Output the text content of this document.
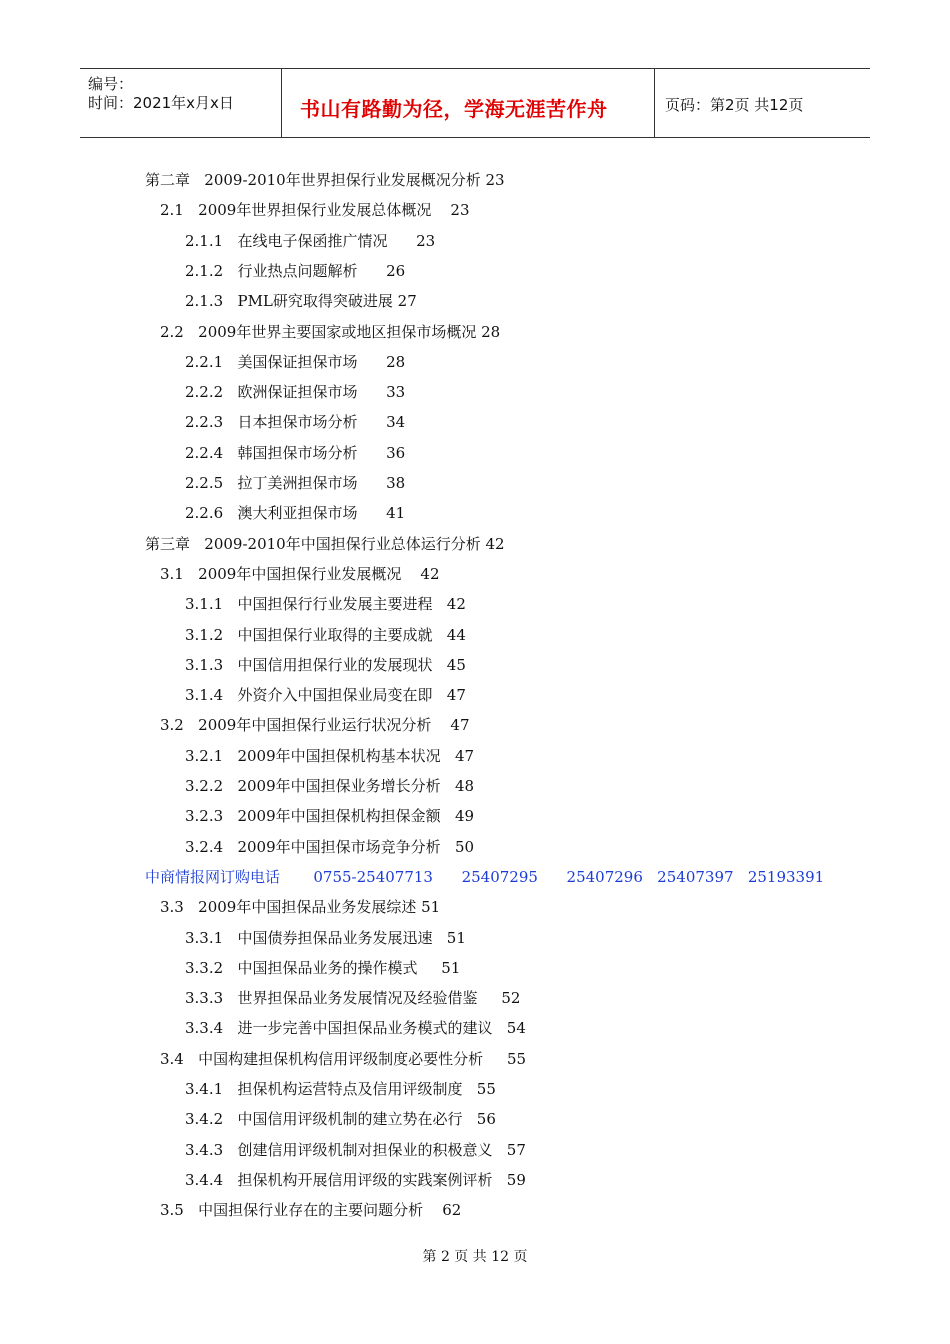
编号：
时间：2021年x月x日	书山有路勤为径，学海无涯苦作舟	页码：第2页 共12页
第二章   2009-2010年世界担保行业发展概况分析 23
2.1   2009年世界担保行业发展总体概况    23
2.1.1   在线电子保函推广情况      23
2.1.2   行业热点问题解析      26
2.1.3   PML研究取得突破进展 27
2.2   2009年世界主要国家或地区担保市场概况 28
2.2.1   美国保证担保市场      28
2.2.2   欧洲保证担保市场      33
2.2.3   日本担保市场分析      34
2.2.4   韩国担保市场分析      36
2.2.5   拉丁美洲担保市场      38
2.2.6   澳大利亚担保市场      41
第三章   2009-2010年中国担保行业总体运行分析 42
3.1   2009年中国担保行业发展概况    42
3.1.1   中国担保行行业发展主要进程   42
3.1.2   中国担保行业取得的主要成就   44
3.1.3   中国信用担保行业的发展现状   45
3.1.4   外资介入中国担保业局变在即   47
3.2   2009年中国担保行业运行状况分析    47
3.2.1   2009年中国担保机构基本状况   47
3.2.2   2009年中国担保业务增长分析   48
3.2.3   2009年中国担保机构担保金额   49
3.2.4   2009年中国担保市场竞争分析   50
3.3   2009年中国担保品业务发展综述 51
3.3.1   中国债券担保品业务发展迅速   51
3.3.2   中国担保品业务的操作模式     51
3.3.3   世界担保品业务发展情况及经验借鉴     52
3.3.4   进一步完善中国担保品业务模式的建议   54
3.4   中国构建担保机构信用评级制度必要性分析     55
3.4.1   担保机构运营特点及信用评级制度   55
3.4.2   中国信用评级机制的建立势在必行   56
3.4.3   创建信用评级机制对担保业的积极意义   57
3.4.4   担保机构开展信用评级的实践案例评析   59
3.5   中国担保行业存在的主要问题分析    62
中商情报网订购电话       0755-25407713      25407295      25407296   25407397   25193391
第 2 页 共 12 页
